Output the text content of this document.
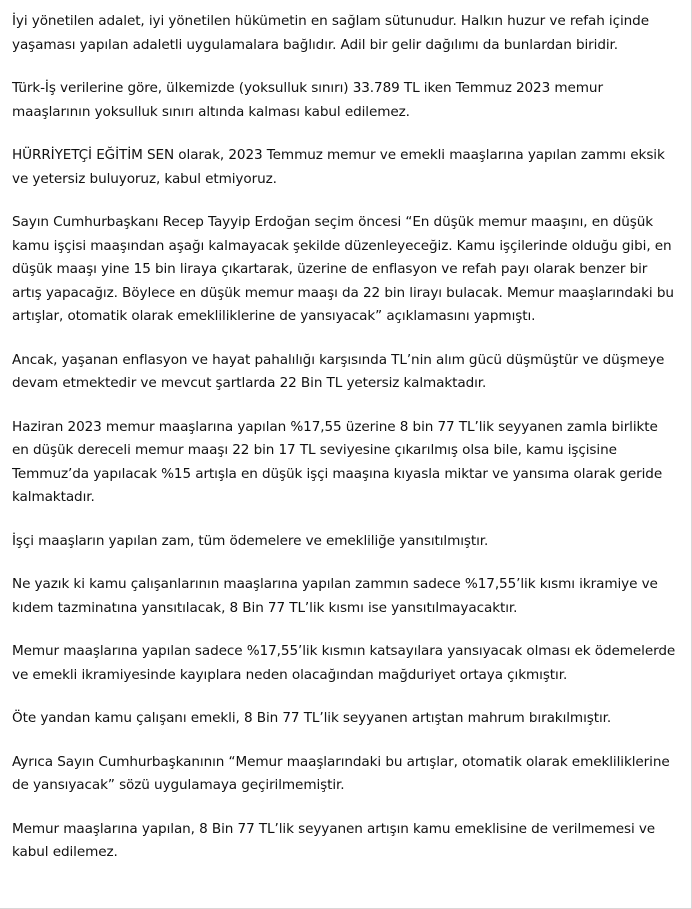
İyi yönetilen adalet, iyi yönetilen hükümetin en sağlam sütunudur. Halkın huzur ve refah içinde yaşaması yapılan adaletli uygulamalara bağlıdır. Adil bir gelir dağılımı da bunlardan biridir.

Türk-İş verilerine göre, ülkemizde (yoksulluk sınırı) 33.789 TL iken Temmuz 2023 memur maaşlarının yoksulluk sınırı altında kalması kabul edilemez.

HÜRRİYETÇİ EĞİTİM SEN olarak, 2023 Temmuz memur ve emekli maaşlarına yapılan zammı eksik ve yetersiz buluyoruz, kabul etmiyoruz.

Sayın Cumhurbaşkanı Recep Tayyip Erdoğan seçim öncesi “En düşük memur maaşını, en düşük kamu işçisi maaşından aşağı kalmayacak şekilde düzenleyeceğiz. Kamu işçilerinde olduğu gibi, en düşük maaşı yine 15 bin liraya çıkartarak, üzerine de enflasyon ve refah payı olarak benzer bir artış yapacağız. Böylece en düşük memur maaşı da 22 bin lirayı bulacak. Memur maaşlarındaki bu artışlar, otomatik olarak emekliliklerine de yansıyacak” açıklamasını yapmıştı.

Ancak, yaşanan enflasyon ve hayat pahalılığı karşısında TL’nin alım gücü düşmüştür ve düşmeye devam etmektedir ve mevcut şartlarda 22 Bin TL yetersiz kalmaktadır.

Haziran 2023 memur maaşlarına yapılan %17,55 üzerine 8 bin 77 TL’lik seyyanen zamla birlikte en düşük dereceli memur maaşı 22 bin 17 TL seviyesine çıkarılmış olsa bile, kamu işçisine Temmuz’da yapılacak %15 artışla en düşük işçi maaşına kıyasla miktar ve yansıma olarak geride kalmaktadır.

İşçi maaşların yapılan zam, tüm ödemelere ve emekliliğe yansıtılmıştır.

Ne yazık ki kamu çalışanlarının maaşlarına yapılan zammın sadece %17,55’lik kısmı ikramiye ve kıdem tazminatına yansıtılacak, 8 Bin 77 TL’lik kısmı ise yansıtılmayacaktır.

Memur maaşlarına yapılan sadece %17,55’lik kısmın katsayılara yansıyacak olması ek ödemelerde ve emekli ikramiyesinde kayıplara neden olacağından mağduriyet ortaya çıkmıştır.

Öte yandan kamu çalışanı emekli, 8 Bin 77 TL’lik seyyanen artıştan mahrum bırakılmıştır.

Ayrıca Sayın Cumhurbaşkanının “Memur maaşlarındaki bu artışlar, otomatik olarak emekliliklerine de yansıyacak” sözü uygulamaya geçirilmemiştir.

Memur maaşlarına yapılan, 8 Bin 77 TL’lik seyyanen artışın kamu emeklisine de verilmemesi ve kabul edilemez.
